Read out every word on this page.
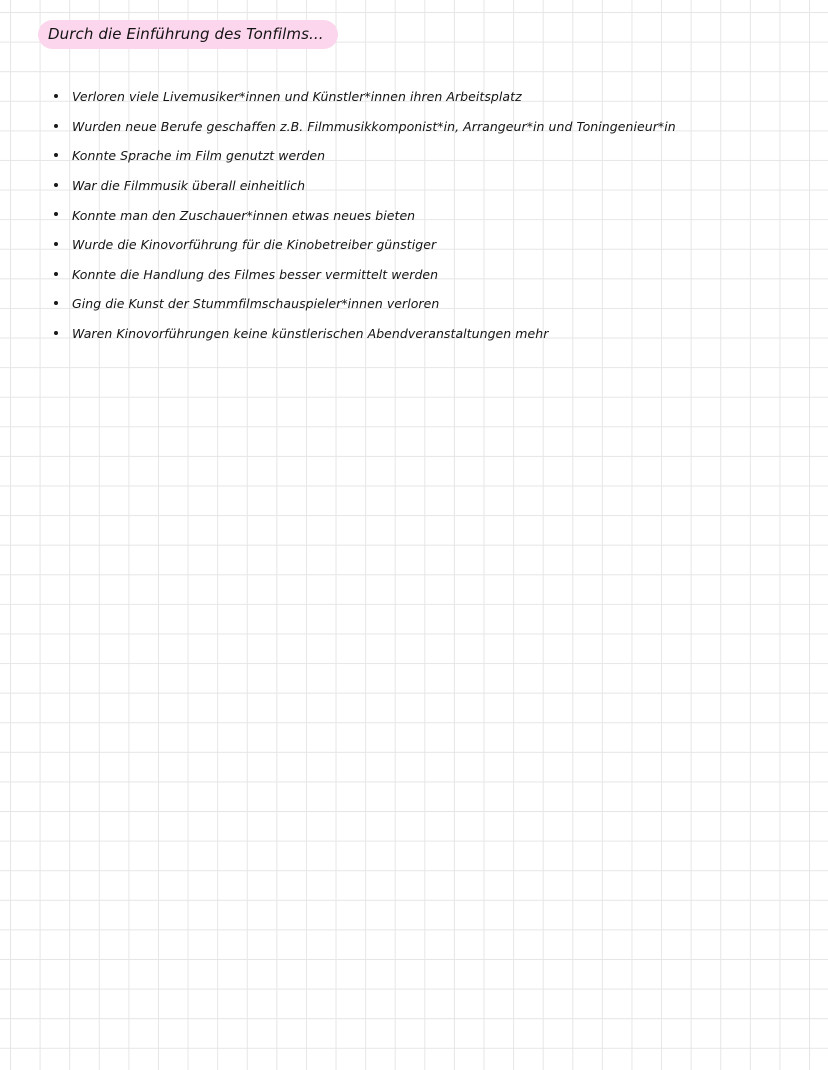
Durch die Einführung des Tonfilms...
Verloren viele Livemusiker*innen und Künstler*innen ihren Arbeitsplatz
Wurden neue Berufe geschaffen z.B. Filmmusikkomponist*in, Arrangeur*in und Toningenieur*in
Konnte Sprache im Film genutzt werden
War die Filmmusik überall einheitlich
Konnte man den Zuschauer*innen etwas neues bieten
Wurde die Kinovorführung für die Kinobetreiber günstiger
Konnte die Handlung des Filmes besser vermittelt werden
Ging die Kunst der Stummfilmschauspieler*innen verloren
Waren Kinovorführungen keine künstlerischen Abendveranstaltungen mehr
